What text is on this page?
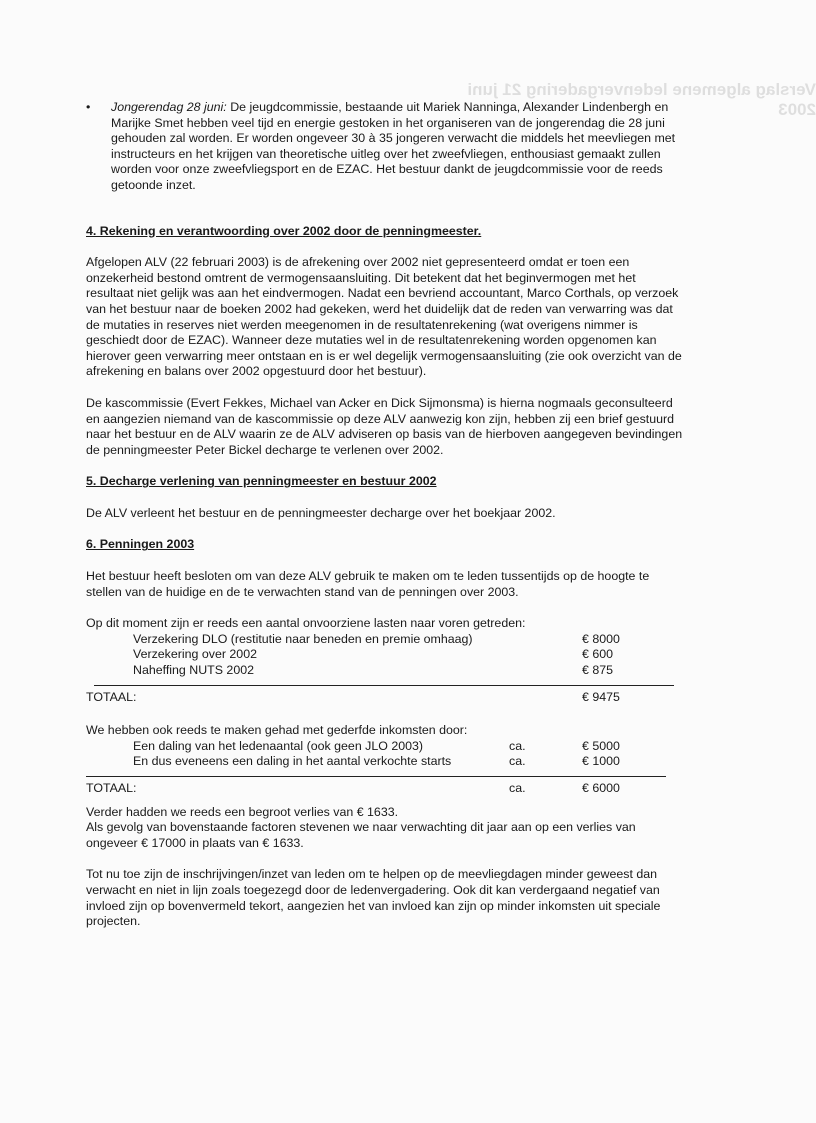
Verslag algemene ledenvergadering 21 juni 2003
• Jongerendag 28 juni: De jeugdcommissie, bestaande uit Mariek Nanninga, Alexander Lindenbergh en Marijke Smet hebben veel tijd en energie gestoken in het organiseren van de jongerendag die 28 juni gehouden zal worden. Er worden ongeveer 30 à 35 jongeren verwacht die middels het meevliegen met instructeurs en het krijgen van theoretische uitleg over het zweefvliegen, enthousiast gemaakt zullen worden voor onze zweefvliegsport en de EZAC. Het bestuur dankt de jeugdcommissie voor de reeds getoonde inzet.

4. Rekening en verantwoording over 2002 door de penningmeester.

Afgelopen ALV (22 februari 2003) is de afrekening over 2002 niet gepresenteerd omdat er toen een onzekerheid bestond omtrent de vermogensaansluiting. Dit betekent dat het beginvermogen met het resultaat niet gelijk was aan het eindvermogen. Nadat een bevriend accountant, Marco Corthals, op verzoek van het bestuur naar de boeken 2002 had gekeken, werd het duidelijk dat de reden van verwarring was dat de mutaties in reserves niet werden meegenomen in de resultatenrekening (wat overigens nimmer is geschiedt door de EZAC). Wanneer deze mutaties wel in de resultatenrekening worden opgenomen kan hierover geen verwarring meer ontstaan en is er wel degelijk vermogensaansluiting (zie ook overzicht van de afrekening en balans over 2002 opgestuurd door het bestuur).

De kascommissie (Evert Fekkes, Michael van Acker en Dick Sijmonsma) is hierna nogmaals geconsulteerd en aangezien niemand van de kascommissie op deze ALV aanwezig kon zijn, hebben zij een brief gestuurd naar het bestuur en de ALV waarin ze de ALV adviseren op basis van de hierboven aangegeven bevindingen de penningmeester Peter Bickel decharge te verlenen over 2002.

5. Decharge verlening van penningmeester en bestuur 2002

De ALV verleent het bestuur en de penningmeester decharge over het boekjaar 2002.

6. Penningen 2003

Het bestuur heeft besloten om van deze ALV gebruik te maken om te leden tussentijds op de hoogte te stellen van de huidige en de te verwachten stand van de penningen over 2003.

Op dit moment zijn er reeds een aantal onvoorziene lasten naar voren getreden:

Verzekering DLO (restitutie naar beneden en premie omhaag)	€ 8000
Verzekering over 2002	€ 600
Naheffing NUTS 2002	€ 875
TOTAAL:	€ 9475

We hebben ook reeds te maken gehad met gederfde inkomsten door:

Een daling van het ledenaantal (ook geen JLO 2003)	ca.	€ 5000
En dus eveneens een daling in het aantal verkochte starts	ca.	€ 1000
TOTAAL:	ca.	€ 6000

Verder hadden we reeds een begroot verlies van € 1633.

Als gevolg van bovenstaande factoren stevenen we naar verwachting dit jaar aan op een verlies van ongeveer € 17000 in plaats van € 1633.

Tot nu toe zijn de inschrijvingen/inzet van leden om te helpen op de meevliegdagen minder geweest dan verwacht en niet in lijn zoals toegezegd door de ledenvergadering. Ook dit kan verdergaand negatief van invloed zijn op bovenvermeld tekort, aangezien het van invloed kan zijn op minder inkomsten uit speciale projecten.
